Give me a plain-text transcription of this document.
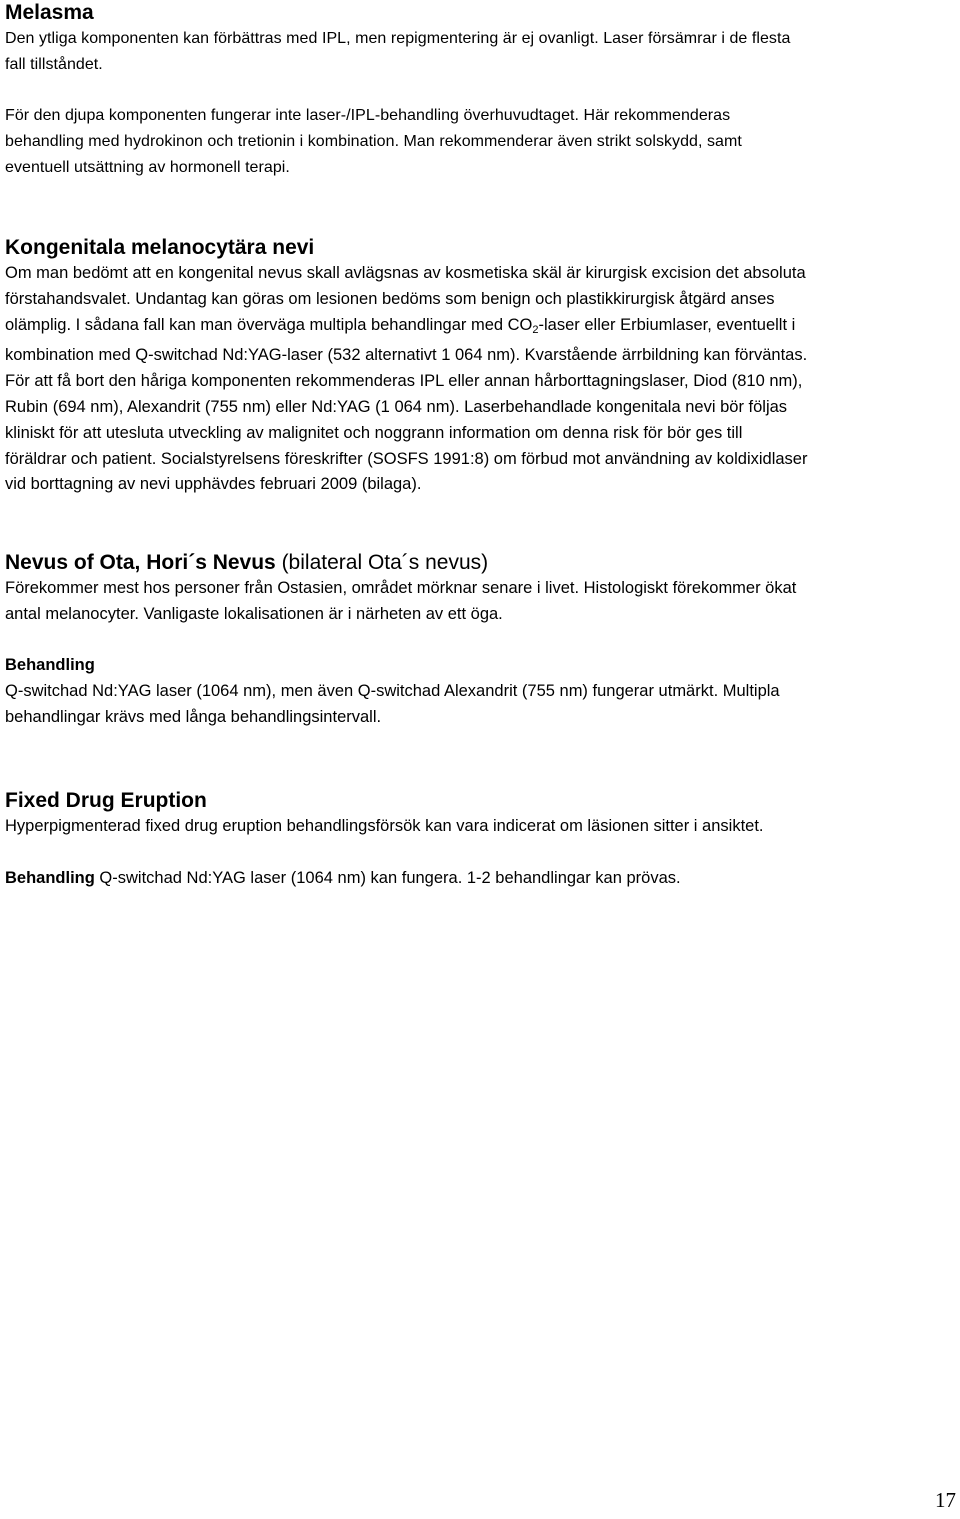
Melasma
Den ytliga komponenten kan förbättras med IPL, men repigmentering är ej ovanligt. Laser försämrar i de flesta
fall tillståndet.
För den djupa komponenten fungerar inte laser-/IPL-behandling överhuvudtaget. Här rekommenderas
behandling med hydrokinon och tretionin i kombination. Man rekommenderar även strikt solskydd, samt
eventuell utsättning av hormonell terapi.
Kongenitala melanocytära nevi
Om man bedömt att en kongenital nevus skall avlägsnas av kosmetiska skäl är kirurgisk excision det absoluta
förstahandsvalet. Undantag kan göras om lesionen bedöms som benign och plastikkirurgisk åtgärd anses
olämplig. I sådana fall kan man överväga multipla behandlingar med $CO_2$-laser eller Erbiumlaser, eventuellt i
kombination med Q-switchad Nd:YAG-laser (532 alternativt 1 064 nm). Kvarstående ärrbildning kan förväntas.
För att få bort den håriga komponenten rekommenderas IPL eller annan hårborttagningslaser, Diod (810 nm),
Rubin (694 nm), Alexandrit (755 nm) eller Nd:YAG (1 064 nm). Laserbehandlade kongenitala nevi bör följas
kliniskt för att utesluta utveckling av malignitet och noggrann information om denna risk för bör ges till
föräldrar och patient. Socialstyrelsens föreskrifter (SOSFS 1991:8) om förbud mot användning av koldixidlaser
vid borttagning av nevi upphävdes februari 2009 (bilaga).
Nevus of Ota, Hori´s Nevus (bilateral Ota´s nevus)
Förekommer mest hos personer från Ostasien, området mörknar senare i livet. Histologiskt förekommer ökat
antal melanocyter. Vanligaste lokalisationen är i närheten av ett öga.
Behandling
Q-switchad Nd:YAG laser (1064 nm), men även Q-switchad Alexandrit (755 nm) fungerar utmärkt. Multipla
behandlingar krävs med långa behandlingsintervall.
Fixed Drug Eruption
Hyperpigmenterad fixed drug eruption behandlingsförsök kan vara indicerat om läsionen sitter i ansiktet.
Behandling Q-switchad Nd:YAG laser (1064 nm) kan fungera. 1-2 behandlingar kan prövas.
17
